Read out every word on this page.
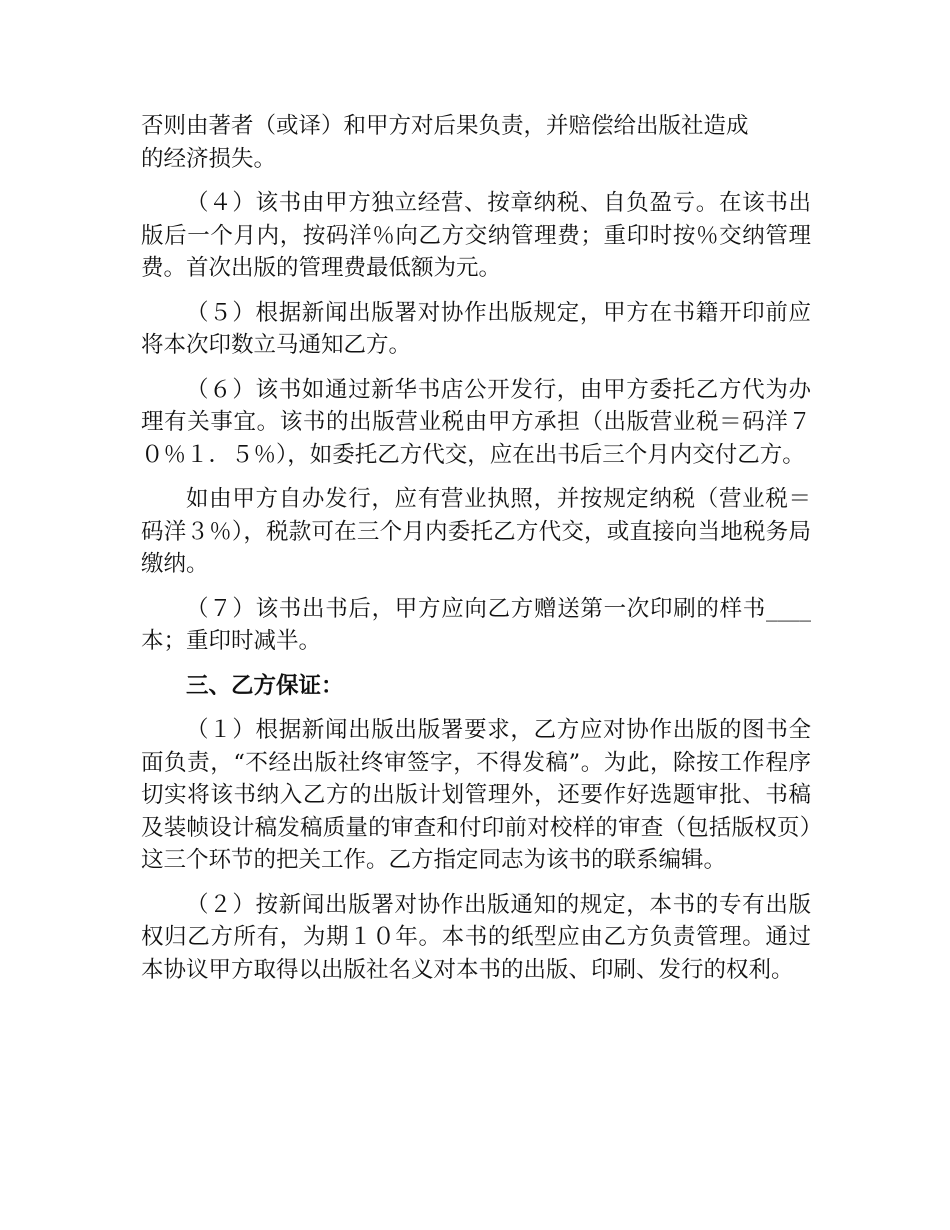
否则由著者（或译）和甲方对后果负责，并赔偿给出版社造成
的经济损失。

（４）该书由甲方独立经营、按章纳税、自负盈亏。在该书出版后一个月内，按码洋％向乙方交纳管理费；重印时按％交纳管理费。首次出版的管理费最低额为元。

（５）根据新闻出版署对协作出版规定，甲方在书籍开印前应将本次印数立马通知乙方。

（６）该书如通过新华书店公开发行，由甲方委托乙方代为办理有关事宜。该书的出版营业税由甲方承担（出版营业税＝码洋７０％１．５％），如委托乙方代交，应在出书后三个月内交付乙方。

如由甲方自办发行，应有营业执照，并按规定纳税（营业税＝码洋３％），税款可在三个月内委托乙方代交，或直接向当地税务局缴纳。

（７）该书出书后，甲方应向乙方赠送第一次印刷的样书____本；重印时减半。

三、乙方保证：

（１）根据新闻出版出版署要求，乙方应对协作出版的图书全面负责，“不经出版社终审签字，不得发稿”。为此，除按工作程序切实将该书纳入乙方的出版计划管理外，还要作好选题审批、书稿及装帧设计稿发稿质量的审查和付印前对校样的审查（包括版权页）这三个环节的把关工作。乙方指定同志为该书的联系编辑。

（２）按新闻出版署对协作出版通知的规定，本书的专有出版权归乙方所有，为期１０年。本书的纸型应由乙方负责管理。通过本协议甲方取得以出版社名义对本书的出版、印刷、发行的权利。
